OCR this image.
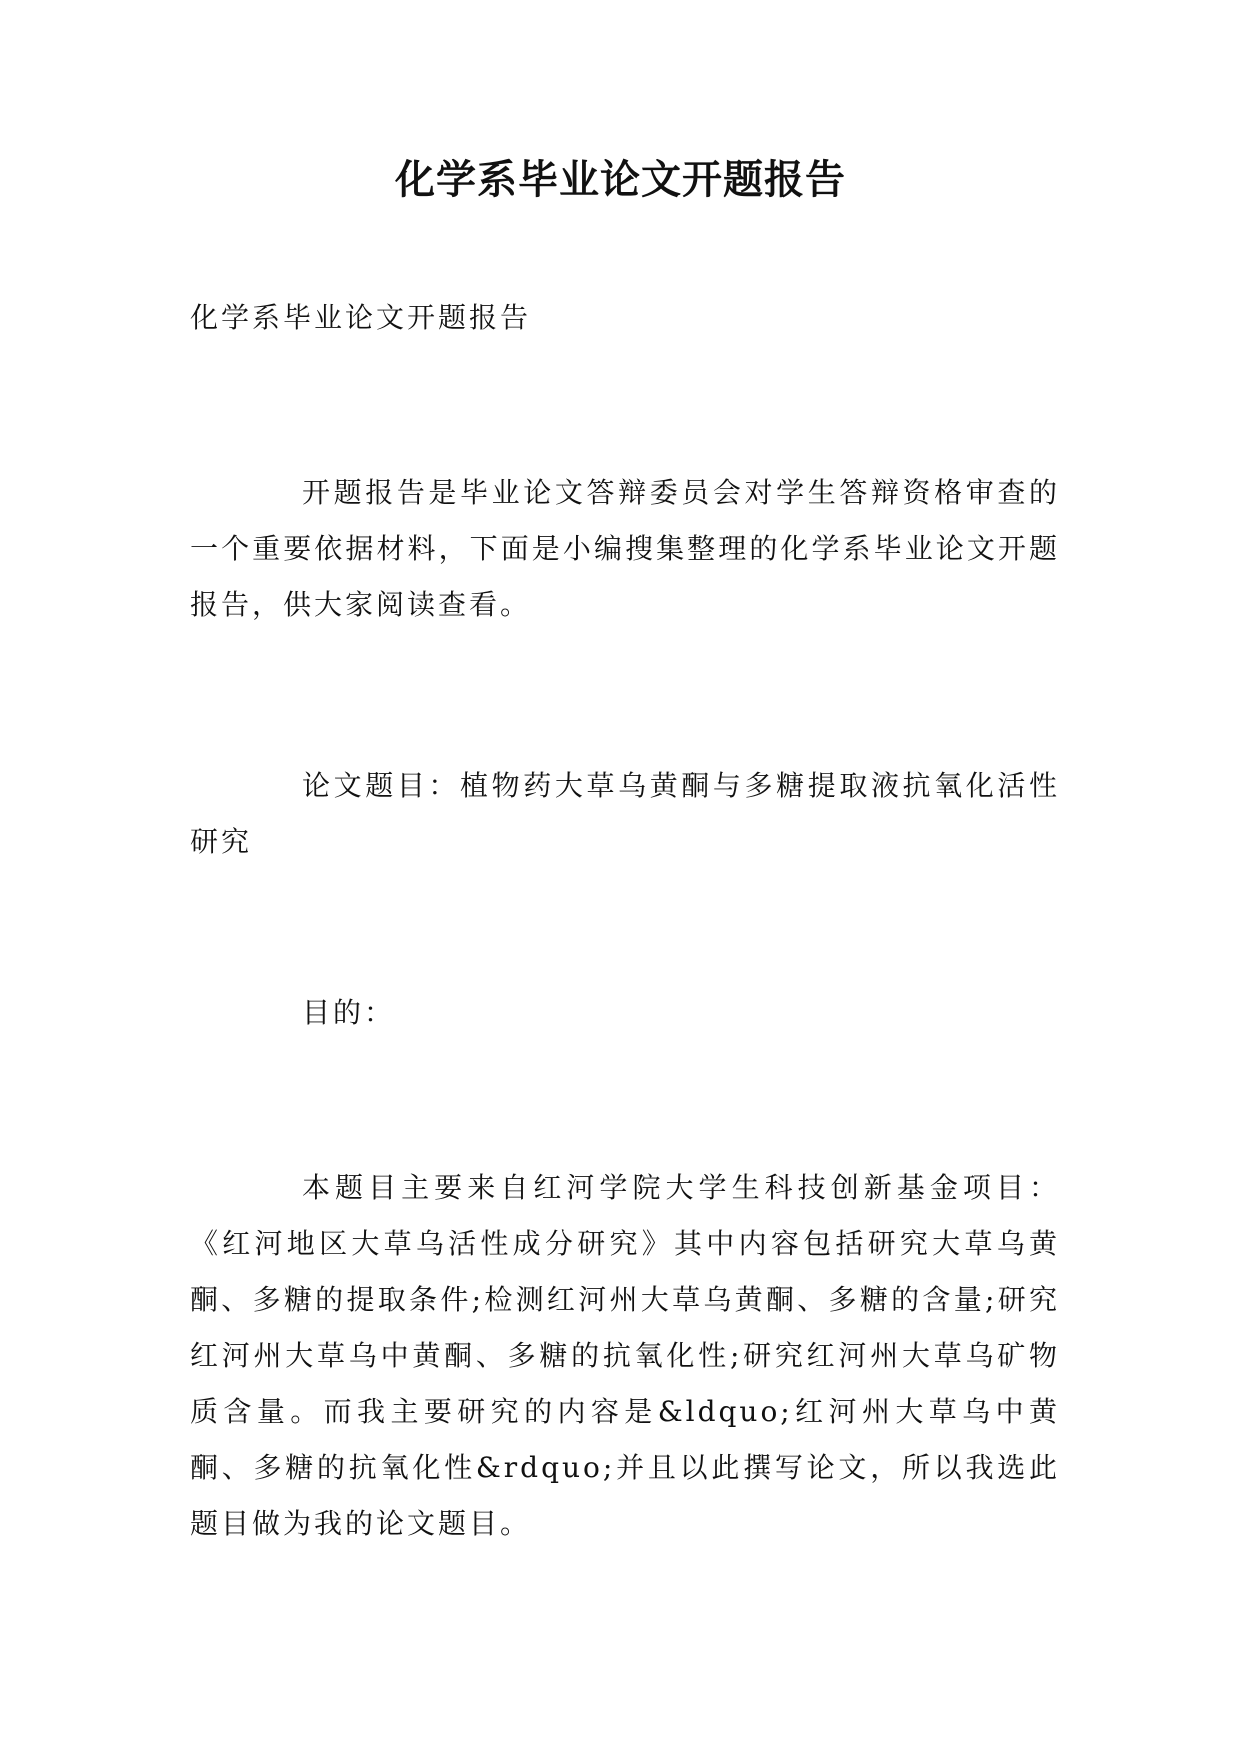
化学系毕业论文开题报告

化学系毕业论文开题报告

开题报告是毕业论文答辩委员会对学生答辩资格审查的一个重要依据材料，下面是小编搜集整理的化学系毕业论文开题报告，供大家阅读查看。

论文题目：植物药大草乌黄酮与多糖提取液抗氧化活性研究

目的：

本题目主要来自红河学院大学生科技创新基金项目：《红河地区大草乌活性成分研究》其中内容包括研究大草乌黄酮、多糖的提取条件;检测红河州大草乌黄酮、多糖的含量;研究红河州大草乌中黄酮、多糖的抗氧化性;研究红河州大草乌矿物质含量。而我主要研究的内容是&ldquo;红河州大草乌中黄酮、多糖的抗氧化性&rdquo;并且以此撰写论文，所以我选此题目做为我的论文题目。
